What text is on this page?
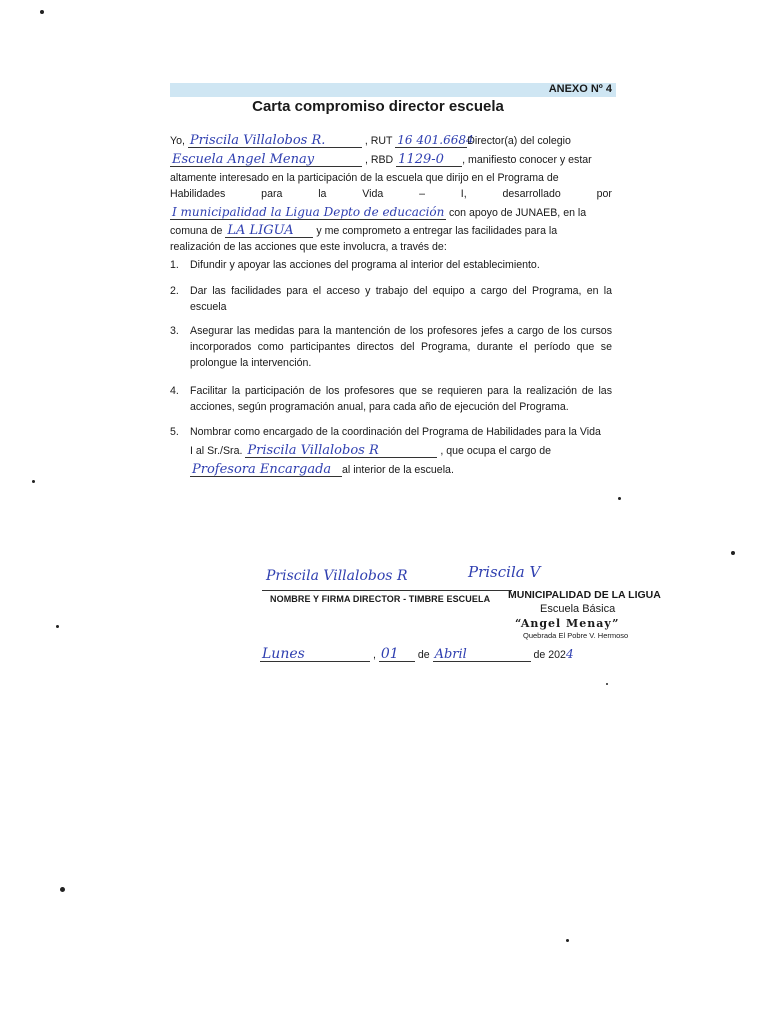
ANEXO Nº 4
Carta compromiso director escuela
Yo, Priscila Villalobos R.	, RUT 16 401.6684Director(a) del colegio
Escuela Angel Menay	, RBD 1129-0 , manifiesto conocer y estar
altamente interesado en la participación de la escuela que dirijo en el Programa de
Habilidades	para	la	Vida	–	I,	desarrollado	por
I municipalidad la Ligua Depto de educación con apoyo de JUNAEB, en la
comuna de LA LIGUA y me comprometo a entregar las facilidades para la
realización de las acciones que este involucra, a través de:
1. Difundir y apoyar las acciones del programa al interior del establecimiento.
2. Dar las facilidades para el acceso y trabajo del equipo a cargo del Programa, en la escuela
3. Asegurar las medidas para la mantención de los profesores jefes a cargo de los cursos incorporados como participantes directos del Programa, durante el período que se prolongue la intervención.
4. Facilitar la participación de los profesores que se requieren para la realización de las acciones, según programación anual, para cada año de ejecución del Programa.
5. Nombrar como encargado de la coordinación del Programa de Habilidades para la Vida
I al Sr./Sra. Priscila Villalobos R	, que ocupa el cargo de
Profesora Encargada al interior de la escuela.
Priscila Villalobos R	Priscila V
NOMBRE Y FIRMA DIRECTOR - TIMBRE ESCUELA MUNICIPALIDAD DE LA LIGUA
Escuela Básica
“Angel Menay”
Quebrada El Pobre V. Hermoso
Lunes	, 01 de Abril	de 2024
